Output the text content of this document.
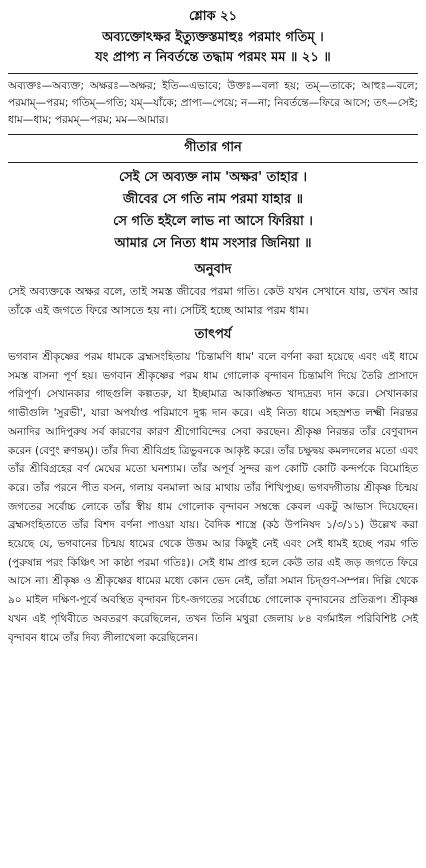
শ্লোক ২১
অব্যক্তোঽক্ষর ইত্যুক্তস্তমাহুঃ পরমাং গতিম্ ।
যং প্রাপ্য ন নিবর্তন্তে তদ্ধাম পরমং মম ॥ ২১ ॥
অব্যক্তঃ—অব্যক্ত; অক্ষরঃ—অক্ষর; ইতি—এভাবে; উক্তঃ—বলা হয়; তম্—তাকে; আহুঃ—বলে; পরমাম্—পরম; গতিম্—গতি; যম্—যাঁকে; প্রাপ্য—পেয়ে; ন—না; নিবর্তন্তে—ফিরে আসে; তৎ—সেই; ধাম—ধাম; পরমম্—পরম; মম—আমার।
গীতার গান
সেই সে অব্যক্ত নাম 'অক্ষর' তাহার ।
জীবের সে গতি নাম পরমা যাহার ॥
সে গতি হইলে লাভ না আসে ফিরিয়া ।
আমার সে নিত্য ধাম সংসার জিনিয়া ॥
অনুবাদ

সেই অব্যক্তকে অক্ষর বলে, তাই সমস্ত জীবের পরমা গতি। কেউ যখন সেখানে যায়, তখন আর তাঁকে এই জগতে ফিরে আসতে হয় না। সেটিই হচ্ছে আমার পরম ধাম।

তাৎপর্য

ভগবান শ্রীকৃষ্ণের পরম ধামকে ব্রহ্মসংহিতায় 'চিন্তামণি ধাম' বলে বর্ণনা করা হয়েছে এবং এই ধামে সমস্ত বাসনা পূর্ণ হয়। ভগবান শ্রীকৃষ্ণের পরম ধাম গোলোক বৃন্দাবন চিন্তামণি দিয়ে তৈরি প্রাসাদে পরিপূর্ণ। সেখানকার গাছগুলি কল্পতরু, যা ইচ্ছামাত্র আকাঙ্ক্ষিত খাদ্যদ্রব্য দান করে। সেখানকার গাভীগুলি 'সুরভী', যারা অপর্যাপ্ত পরিমাণে দুগ্ধ দান করে। এই নিত্য ধামে সহস্রশত লক্ষ্মী নিরন্তর অনাদির আদিপুরুষ সর্ব কারণের কারণ শ্রীগোবিন্দের সেবা করছেন। শ্রীকৃষ্ণ নিরন্তর তাঁর বেণুবাদন করেন (বেণুং ক্বণন্তম্)। তাঁর দিব্য শ্রীবিগ্রহ ত্রিভুবনকে আকৃষ্ট করে। তাঁর চক্ষুদ্বয় কমলদলের মতো এবং তাঁর শ্রীবিগ্রহের বর্ণ মেঘের মতো ঘনশ্যাম। তাঁর অপূর্ব সুন্দর রূপ কোটি কোটি কন্দর্পকে বিমোহিত করে। তাঁর পরনে পীত বসন, গলায় বনমালা আর মাথায় তাঁর শিখিপুচ্ছ। ভগবদ্গীতায় শ্রীকৃষ্ণ চিন্ময় জগতের সর্বোচ্চ লোকে তাঁর স্বীয় ধাম গোলোক বৃন্দাবন সম্বন্ধে কেবল একটু আভাস দিয়েছেন। ব্রহ্মসংহিতাতে তাঁর বিশদ বর্ণনা পাওয়া যায়। বৈদিক শাস্ত্রে (কঠ উপনিষদ ১/৩/১১) উল্লেখ করা হয়েছে যে, ভগবানের চিন্ময় ধামের থেকে উত্তম আর কিছুই নেই এবং সেই ধামই হচ্ছে পরম গতি (পুরুষান্ন পরং কিঞ্চিৎ সা কাষ্ঠা পরমা গতিঃ)। সেই ধাম প্রাপ্ত হলে কেউ তার এই জড় জগতে ফিরে আসে না। শ্রীকৃষ্ণ ও শ্রীকৃষ্ণের ধামের মধ্যে কোন ভেদ নেই, তাঁরা সমান চিদ্গুণ-সম্পন্ন। দিল্লি থেকে ৯০ মাইল দক্ষিণ-পূর্বে অবস্থিত বৃন্দাবন চিৎ-জগতের সর্বোচ্চে গোলোক বৃন্দাবনের প্রতিরূপ। শ্রীকৃষ্ণ যখন এই পৃথিবীতে অবতরণ করেছিলেন, তখন তিনি মথুরা জেলায় ৮৪ বর্গমাইল পরিবিশিষ্ট সেই বৃন্দাবন ধামে তাঁর দিব্য লীলাখেলা করেছিলেন।
